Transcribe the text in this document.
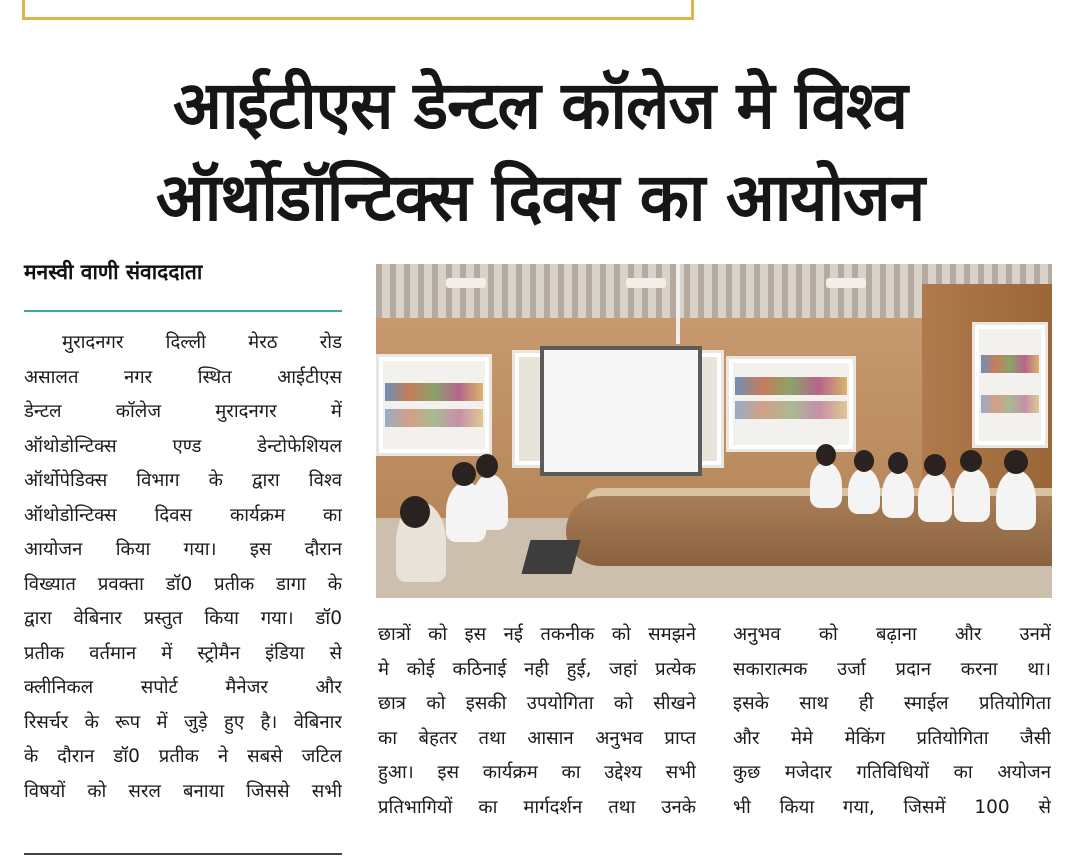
आईटीएस डेन्टल कॉलेज मे विश्व
ऑर्थोडॉन्टिक्स दिवस का आयोजन
मनस्वी वाणी संवाददाता
मुरादनगर दिल्ली मेरठ रोड
असालत नगर स्थित आईटीएस
डेन्टल कॉलेज मुरादनगर में
ऑथोडोन्टिक्स एण्ड डेन्टोफेशियल
ऑर्थोपेडिक्स विभाग के द्वारा विश्व
ऑथोडोन्टिक्स दिवस कार्यक्रम का
आयोजन किया गया। इस दौरान
विख्यात प्रवक्ता डॉ0 प्रतीक डागा के
द्वारा वेबिनार प्रस्तुत किया गया। डॉ0
प्रतीक वर्तमान में स्ट्रोमैन इंडिया से
क्लीनिकल सपोर्ट मैनेजर और
रिसर्चर के रूप में जुड़े हुए है। वेबिनार
के दौरान डॉ0 प्रतीक ने सबसे जटिल
विषयों को सरल बनाया जिससे सभी
छात्रों को इस नई तकनीक को समझने
मे कोई कठिनाई नही हुई, जहां प्रत्येक
छात्र को इसकी उपयोगिता को सीखने
का बेहतर तथा आसान अनुभव प्राप्त
हुआ। इस कार्यक्रम का उद्देश्य सभी
प्रतिभागियों का मार्गदर्शन तथा उनके
अनुभव को बढ़ाना और उनमें
सकारात्मक उर्जा प्रदान करना था।
इसके साथ ही स्माईल प्रतियोगिता
और मेमे मेकिंग प्रतियोगिता जैसी
कुछ मजेदार गतिविधियों का अयोजन
भी किया गया, जिसमें 100 से
